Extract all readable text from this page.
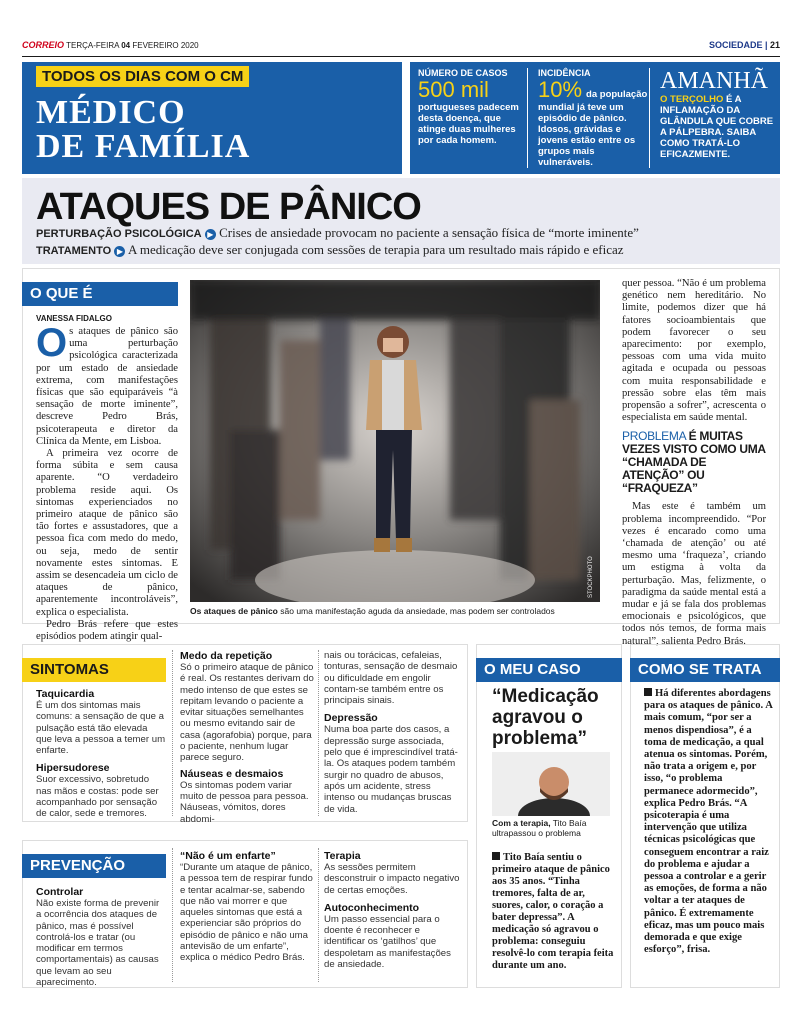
CORREIO TERÇA-FEIRA 04 FEVEREIRO 2020	SOCIEDADE | 21
TODOS OS DIAS COM O CM
MÉDICO
DE FAMÍLIA
NÚMERO DE CASOS
500 mil
portugueses padecem desta doença, que atinge duas mulheres por cada homem.
INCIDÊNCIA
10% da população
mundial já teve um episódio de pânico. Idosos, grávidas e jovens estão entre os grupos mais vulneráveis.
AMANHÃ
O TERÇOLHO É A INFLAMAÇÃO DA GLÂNDULA QUE COBRE A PÁLPEBRA. SAIBA COMO TRATÁ-LO EFICAZMENTE.
ATAQUES DE PÂNICO
PERTURBAÇÃO PSICOLÓGICA ▶ Crises de ansiedade provocam no paciente a sensação física de “morte iminente”
TRATAMENTO ▶ A medicação deve ser conjugada com sessões de terapia para um resultado mais rápido e eficaz
O QUE É
VANESSA FIDALGO

Os ataques de pânico são uma perturbação psicológica caracterizada por um estado de ansiedade extrema, com manifestações físicas que são equiparáveis “à sensação de morte iminente”, descreve Pedro Brás, psicoterapeuta e diretor da Clínica da Mente, em Lisboa.

A primeira vez ocorre de forma súbita e sem causa aparente. “O verdadeiro problema reside aqui. Os sintomas experienciados no primeiro ataque de pânico são tão fortes e assustadores, que a pessoa fica com medo do medo, ou seja, medo de sentir novamente estes sintomas. E assim se desencadeia um ciclo de ataques de pânico, aparentemente incontroláveis”, explica o especialista.

Pedro Brás refere que estes episódios podem atingir qual-

STOCKPHOTO
Os ataques de pânico são uma manifestação aguda da ansiedade, mas podem ser controlados

quer pessoa. “Não é um problema genético nem hereditário. No limite, podemos dizer que há fatores socioambientais que podem favorecer o seu aparecimento: por exemplo, pessoas com uma vida muito agitada e ocupada ou pessoas com muita responsabilidade e pressão sobre elas têm mais propensão a sofrer”, acrescenta o especialista em saúde mental.

PROBLEMA É MUITAS VEZES VISTO COMO UMA “CHAMADA DE ATENÇÃO” OU “FRAQUEZA”

Mas este é também um problema incompreendido. “Por vezes é encarado como uma ‘chamada de atenção’ ou até mesmo uma ‘fraqueza’, criando um estigma à volta da perturbação. Mas, felizmente, o paradigma da saúde mental está a mudar e já se fala dos problemas emocionais e psicológicos, que todos nós temos, de forma mais natural”, salienta Pedro Brás.

SINTOMAS
Taquicardia
É um dos sintomas mais comuns: a sensação de que a pulsação está tão elevada que leva a pessoa a temer um enfarte.
Hipersudorese
Suor excessivo, sobretudo nas mãos e costas: pode ser acompanhado por sensação de calor, sede e tremores.
Medo da repetição
Só o primeiro ataque de pânico é real. Os restantes derivam do medo intenso de que estes se repitam levando o paciente a evitar situações semelhantes ou mesmo evitando sair de casa (agorafobia) porque, para o paciente, nenhum lugar parece seguro.
Náuseas e desmaios
Os sintomas podem variar muito de pessoa para pessoa. Náuseas, vómitos, dores abdomi-
nais ou torácicas, cefaleias, tonturas, sensação de desmaio ou dificuldade em engolir contam-se também entre os principais sinais.
Depressão
Numa boa parte dos casos, a depressão surge associada, pelo que é imprescindível tratá-la. Os ataques podem também surgir no quadro de abusos, após um acidente, stress intenso ou mudanças bruscas de vida.
PREVENÇÃO
Controlar
Não existe forma de prevenir a ocorrência dos ataques de pânico, mas é possível controlá-los e tratar (ou modificar em termos comportamentais) as causas que levam ao seu aparecimento.
“Não é um enfarte”
“Durante um ataque de pânico, a pessoa tem de respirar fundo e tentar acalmar-se, sabendo que não vai morrer e que aqueles sintomas que está a experienciar são próprios do episódio de pânico e não uma antevisão de um enfarte”, explica o médico Pedro Brás.
Terapia
As sessões permitem desconstruir o impacto negativo de certas emoções.
Autoconhecimento
Um passo essencial para o doente é reconhecer e identificar os ‘gatilhos’ que despoletam as manifestações de ansiedade.
O MEU CASO
“Medicação agravou o problema”
Com a terapia, Tito Baía ultrapassou o problema

Tito Baía sentiu o primeiro ataque de pânico aos 35 anos. “Tinha tremores, falta de ar, suores, calor, o coração a bater depressa”. A medicação só agravou o problema: conseguiu resolvê-lo com terapia feita durante um ano.

COMO SE TRATA

Há diferentes abordagens para os ataques de pânico. A mais comum, “por ser a menos dispendiosa”, é a toma de medicação, a qual atenua os sintomas. Porém, não trata a origem e, por isso, “o problema permanece adormecido”, explica Pedro Brás. “A psicoterapia é uma intervenção que utiliza técnicas psicológicas que conseguem encontrar a raiz do problema e ajudar a pessoa a controlar e a gerir as emoções, de forma a não voltar a ter ataques de pânico. É extremamente eficaz, mas um pouco mais demorada e que exige esforço”, frisa.
